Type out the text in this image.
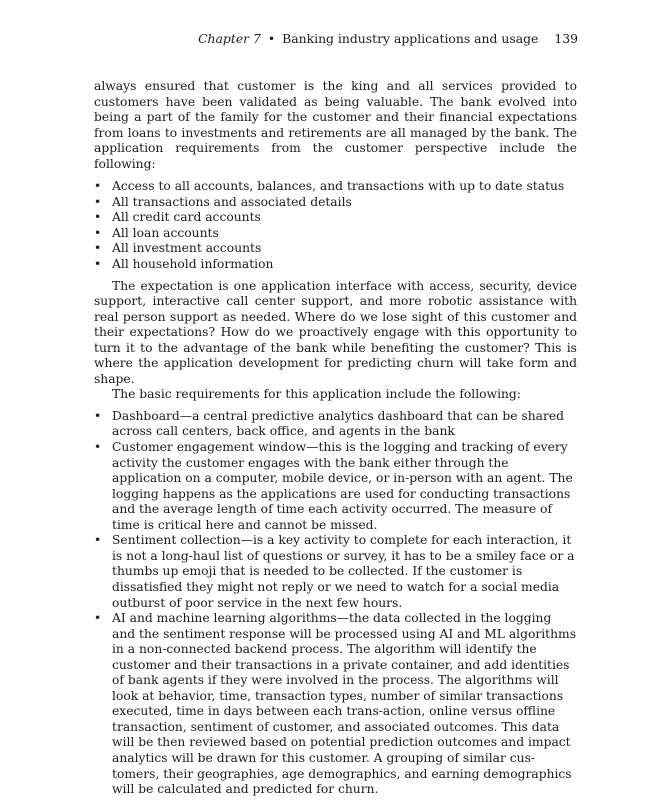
Chapter 7 • Banking industry applications and usage 139

always ensured that customer is the king and all services provided to customers have been validated as being valuable. The bank evolved into being a part of the family for the customer and their financial expectations from loans to investments and retirements are all managed by the bank. The application requirements from the customer perspective include the following:

• Access to all accounts, balances, and transactions with up to date status
• All transactions and associated details
• All credit card accounts
• All loan accounts
• All investment accounts
• All household information

The expectation is one application interface with access, security, device support, interactive call center support, and more robotic assistance with real person support as needed. Where do we lose sight of this customer and their expectations? How do we proactively engage with this opportunity to turn it to the advantage of the bank while benefiting the customer? This is where the application development for predicting churn will take form and shape.

The basic requirements for this application include the following:

• Dashboard—a central predictive analytics dashboard that can be shared across call centers, back office, and agents in the bank
• Customer engagement window—this is the logging and tracking of every activity the customer engages with the bank either through the application on a computer, mobile device, or in-person with an agent. The logging happens as the applications are used for conducting transactions and the average length of time each activity occurred. The measure of time is critical here and cannot be missed.
• Sentiment collection—is a key activity to complete for each interaction, it is not a long-haul list of questions or survey, it has to be a smiley face or a thumbs up emoji that is needed to be collected. If the customer is dissatisfied they might not reply or we need to watch for a social media outburst of poor service in the next few hours.
• AI and machine learning algorithms—the data collected in the logging and the sentiment response will be processed using AI and ML algorithms in a non-connected backend process. The algorithm will identify the customer and their transactions in a private container, and add identities of bank agents if they were involved in the process. The algorithms will look at behavior, time, transaction types, number of similar transactions executed, time in days between each trans-action, online versus offline transaction, sentiment of customer, and associated outcomes. This data will be then reviewed based on potential prediction outcomes and impact analytics will be drawn for this customer. A grouping of similar cus-tomers, their geographies, age demographics, and earning demographics will be calculated and predicted for churn.
